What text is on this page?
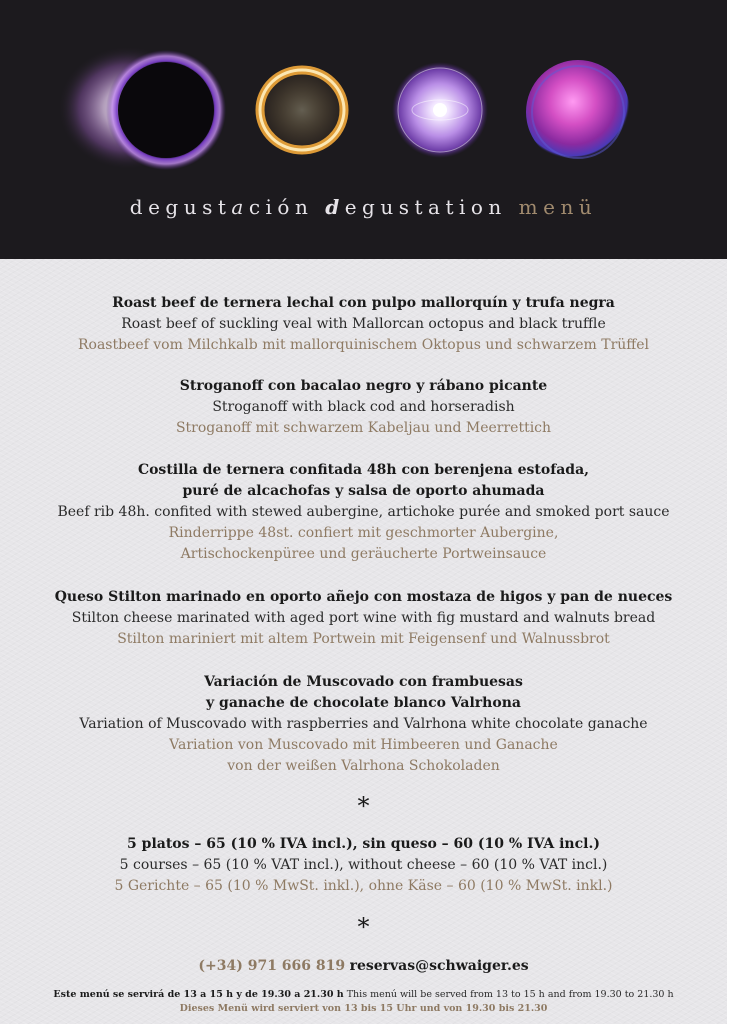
degustación degustation menü
Roast beef de ternera lechal con pulpo mallorquín y trufa negra
Roast beef of suckling veal with Mallorcan octopus and black truffle
Roastbeef vom Milchkalb mit mallorquinischem Oktopus und schwarzem Trüffel
Stroganoff con bacalao negro y rábano picante
Stroganoff with black cod and horseradish
Stroganoff mit schwarzem Kabeljau und Meerrettich
Costilla de ternera confitada 48h con berenjena estofada,
puré de alcachofas y salsa de oporto ahumada
Beef rib 48h. confited with stewed aubergine, artichoke purée and smoked port sauce
Rinderrippe 48st. confiert mit geschmorter Aubergine,
Artischockenpüree und geräucherte Portweinsauce
Queso Stilton marinado en oporto añejo con mostaza de higos y pan de nueces
Stilton cheese marinated with aged port wine with fig mustard and walnuts bread
Stilton mariniert mit altem Portwein mit Feigensenf und Walnussbrot
Variación de Muscovado con frambuesas
y ganache de chocolate blanco Valrhona
Variation of Muscovado with raspberries and Valrhona white chocolate ganache
Variation von Muscovado mit Himbeeren und Ganache
von der weißen Valrhona Schokoladen
*
5 platos – 65 (10 % IVA incl.), sin queso – 60 (10 % IVA incl.)
5 courses – 65 (10 % VAT incl.), without cheese – 60 (10 % VAT incl.)
5 Gerichte – 65 (10 % MwSt. inkl.), ohne Käse – 60 (10 % MwSt. inkl.)
*
(+34) 971 666 819 reservas@schwaiger.es
Este menú se servirá de 13 a 15 h y de 19.30 a 21.30 h This menú will be served from 13 to 15 h and from 19.30 to 21.30 h
Dieses Menü wird serviert von 13 bis 15 Uhr und von 19.30 bis 21.30
